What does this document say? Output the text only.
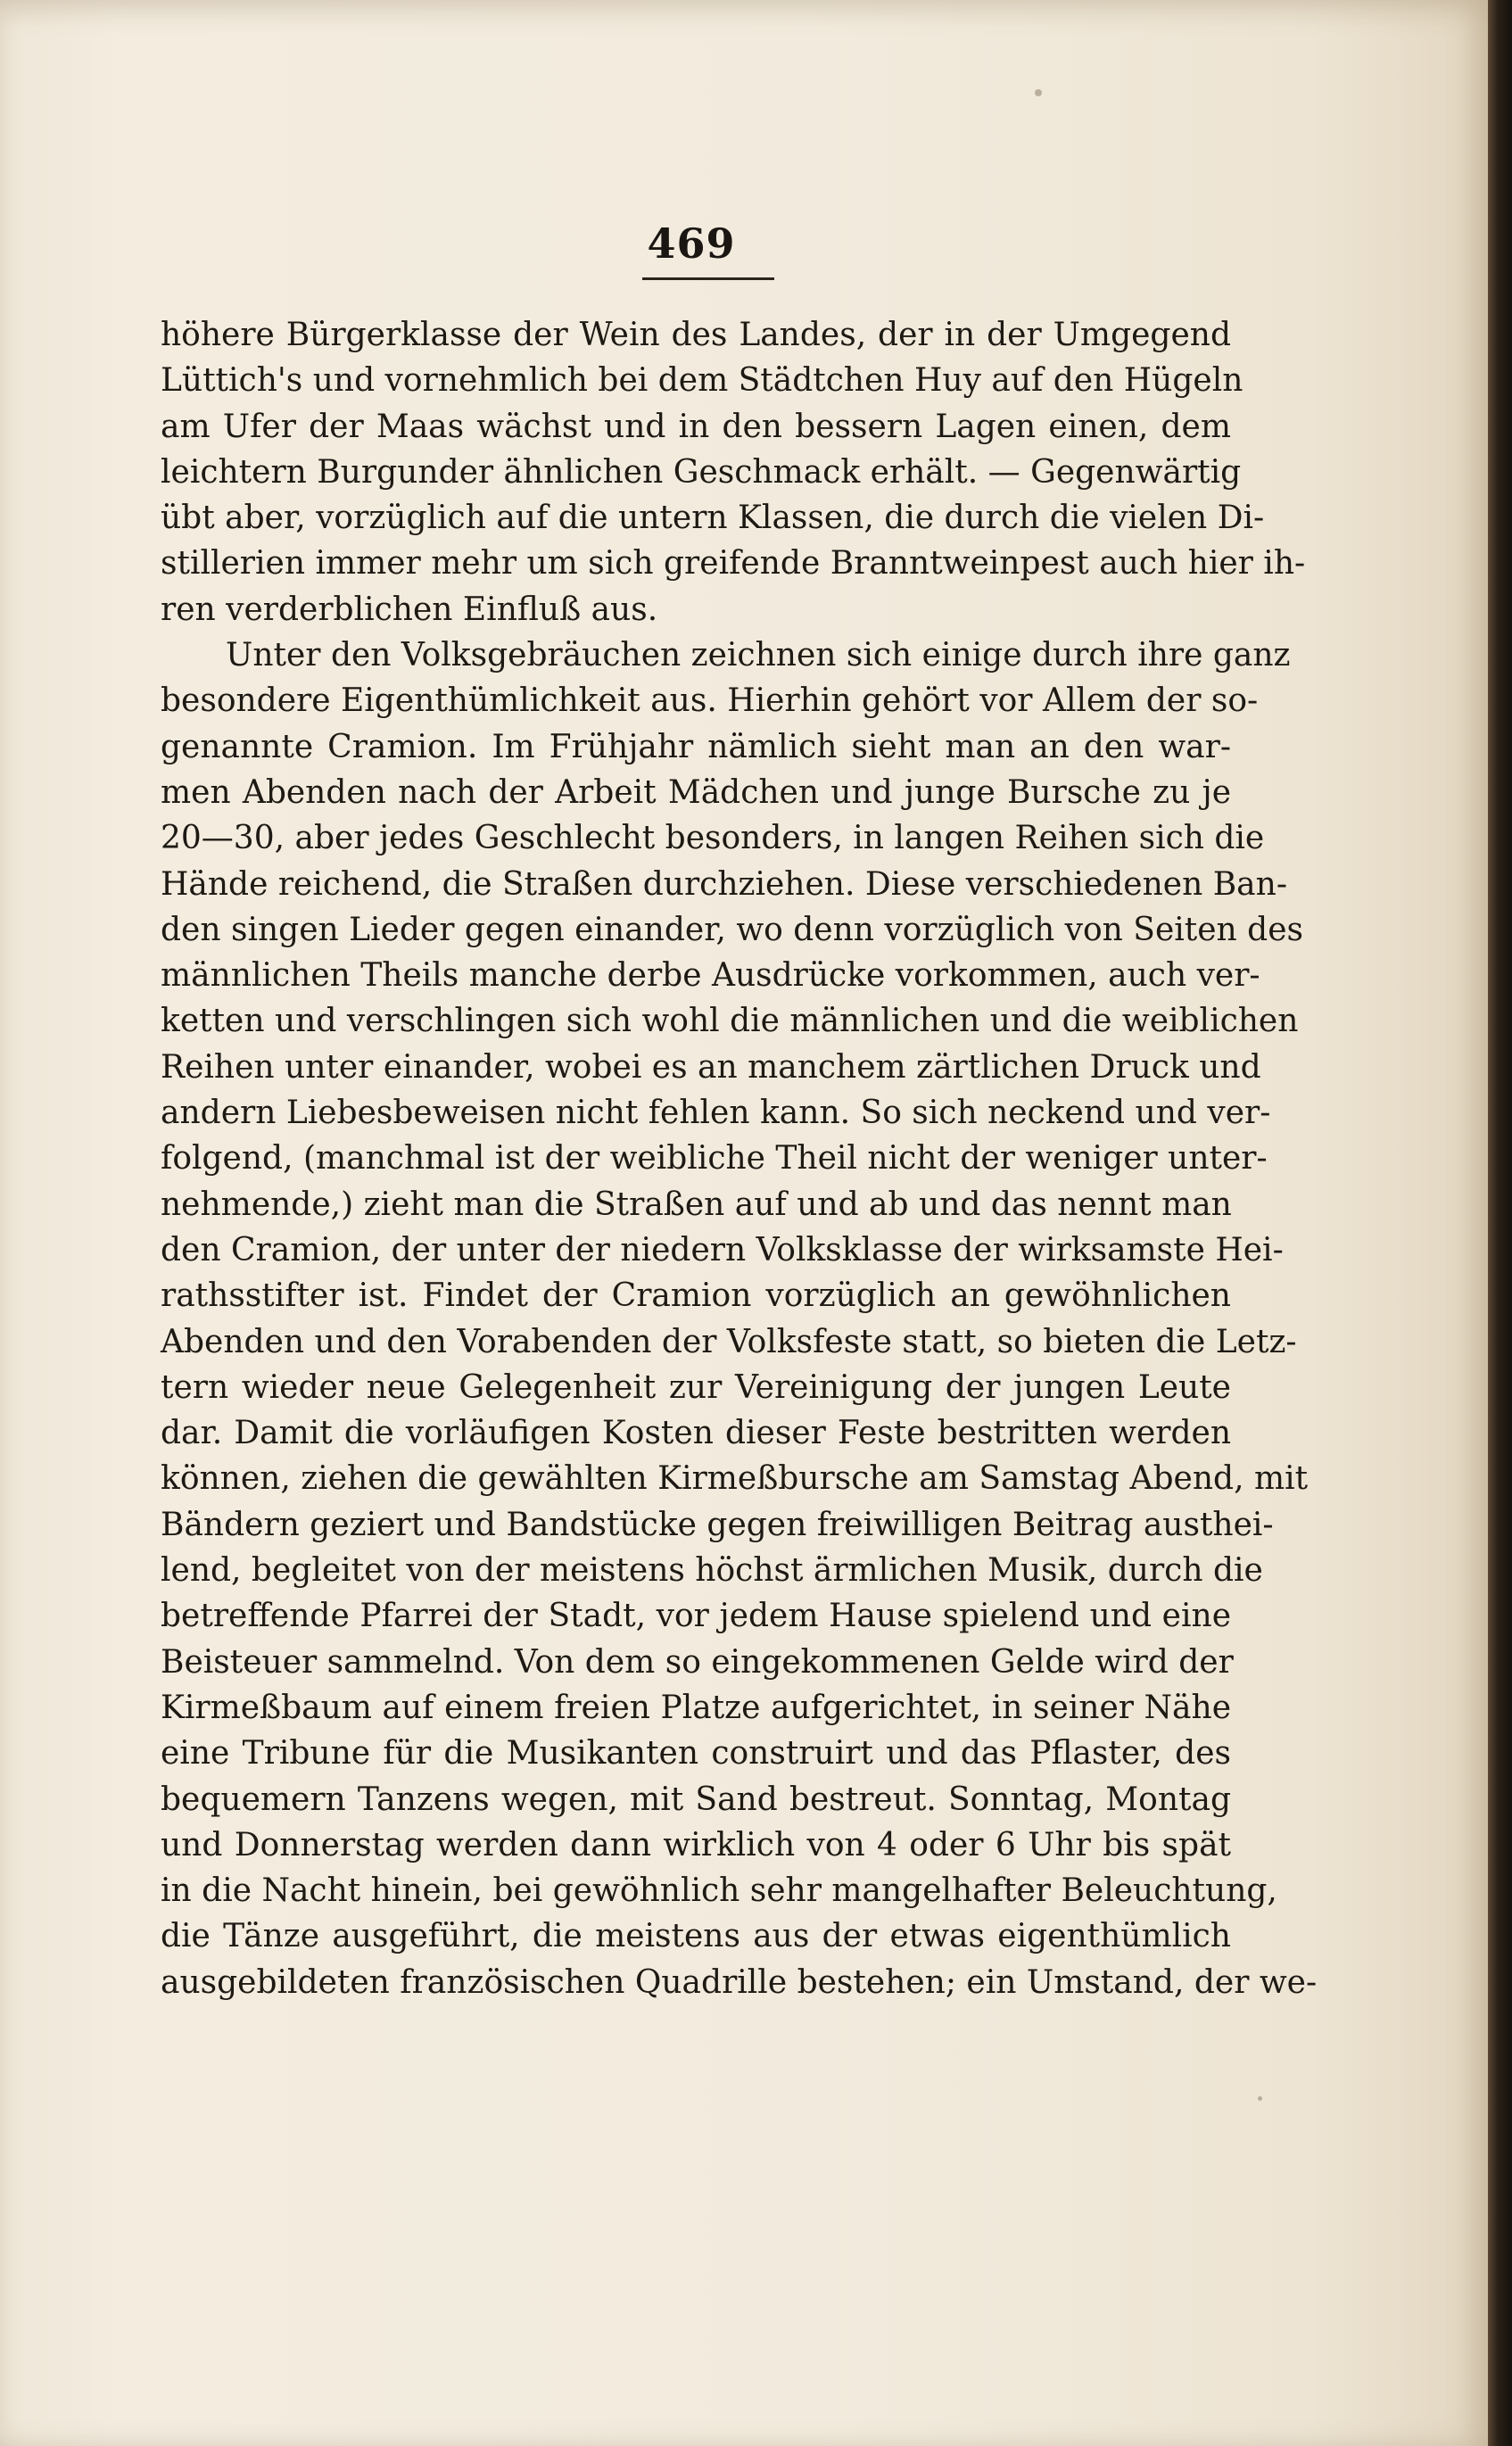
469
höhere Bürgerklasse der Wein des Landes, der in der Umgegend
Lüttich's und vornehmlich bei dem Städtchen Huy auf den Hügeln
am Ufer der Maas wächst und in den bessern Lagen einen, dem
leichtern Burgunder ähnlichen Geschmack erhält. — Gegenwärtig
übt aber, vorzüglich auf die untern Klassen, die durch die vielen Di-
stillerien immer mehr um sich greifende Branntweinpest auch hier ih-
ren verderblichen Einfluß aus.
Unter den Volksgebräuchen zeichnen sich einige durch ihre ganz
besondere Eigenthümlichkeit aus. Hierhin gehört vor Allem der so-
genannte Cramion. Im Frühjahr nämlich sieht man an den war-
men Abenden nach der Arbeit Mädchen und junge Bursche zu je
20—30, aber jedes Geschlecht besonders, in langen Reihen sich die
Hände reichend, die Straßen durchziehen. Diese verschiedenen Ban-
den singen Lieder gegen einander, wo denn vorzüglich von Seiten des
männlichen Theils manche derbe Ausdrücke vorkommen, auch ver-
ketten und verschlingen sich wohl die männlichen und die weiblichen
Reihen unter einander, wobei es an manchem zärtlichen Druck und
andern Liebesbeweisen nicht fehlen kann. So sich neckend und ver-
folgend, (manchmal ist der weibliche Theil nicht der weniger unter-
nehmende,) zieht man die Straßen auf und ab und das nennt man
den Cramion, der unter der niedern Volksklasse der wirksamste Hei-
rathsstifter ist. Findet der Cramion vorzüglich an gewöhnlichen
Abenden und den Vorabenden der Volksfeste statt, so bieten die Letz-
tern wieder neue Gelegenheit zur Vereinigung der jungen Leute
dar. Damit die vorläufigen Kosten dieser Feste bestritten werden
können, ziehen die gewählten Kirmeßbursche am Samstag Abend, mit
Bändern geziert und Bandstücke gegen freiwilligen Beitrag austhei-
lend, begleitet von der meistens höchst ärmlichen Musik, durch die
betreffende Pfarrei der Stadt, vor jedem Hause spielend und eine
Beisteuer sammelnd. Von dem so eingekommenen Gelde wird der
Kirmeßbaum auf einem freien Platze aufgerichtet, in seiner Nähe
eine Tribune für die Musikanten construirt und das Pflaster, des
bequemern Tanzens wegen, mit Sand bestreut. Sonntag, Montag
und Donnerstag werden dann wirklich von 4 oder 6 Uhr bis spät
in die Nacht hinein, bei gewöhnlich sehr mangelhafter Beleuchtung,
die Tänze ausgeführt, die meistens aus der etwas eigenthümlich
ausgebildeten französischen Quadrille bestehen; ein Umstand, der we-
